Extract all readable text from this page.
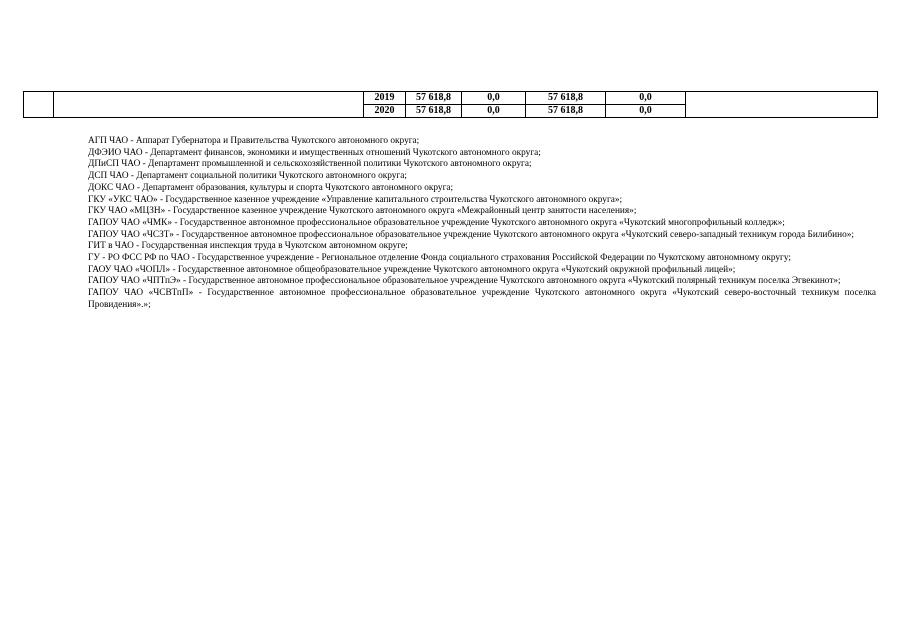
		2019	57 618,8	0,0	57 618,8	0,0	
		2020	57 618,8	0,0	57 618,8	0,0	

АГП ЧАО - Аппарат Губернатора и Правительства Чукотского автономного округа;

ДФЭИО ЧАО - Департамент финансов, экономики и имущественных отношений Чукотского автономного округа;

ДПиСП ЧАО - Департамент промышленной и сельскохозяйственной политики Чукотского автономного округа;

ДСП ЧАО - Департамент социальной политики Чукотского автономного округа;

ДОКС ЧАО - Департамент образования, культуры и спорта Чукотского автономного округа;

ГКУ «УКС ЧАО» - Государственное казенное учреждение «Управление капитального строительства Чукотского автономного округа»;

ГКУ ЧАО «МЦЗН» - Государственное казенное учреждение Чукотского автономного округа «Межрайонный центр занятости населения»;

ГАПОУ ЧАО «ЧМК» - Государственное автономное профессиональное образовательное учреждение Чукотского автономного округа «Чукотский многопрофильный колледж»;

ГАПОУ ЧАО «ЧСЗТ» - Государственное автономное профессиональное образовательное учреждение Чукотского автономного округа «Чукотский северо-западный техникум города Билибино»;

ГИТ в ЧАО - Государственная инспекция труда в Чукотском автономном округе;

ГУ - РО ФСС РФ по ЧАО - Государственное учреждение - Региональное отделение Фонда социального страхования Российской Федерации по Чукотскому автономному округу;

ГАОУ ЧАО «ЧОПЛ» - Государственное автономное общеобразовательное учреждение Чукотского автономного округа «Чукотский окружной профильный лицей»;

ГАПОУ ЧАО «ЧПТпЭ» - Государственное автономное профессиональное образовательное учреждение Чукотского автономного округа «Чукотский полярный техникум поселка Эгвекинот»;

ГАПОУ ЧАО «ЧСВТпП» - Государственное автономное профессиональное образовательное учреждение Чукотского автономного округа «Чукотский северо-восточный техникум поселка Провидения».»;
